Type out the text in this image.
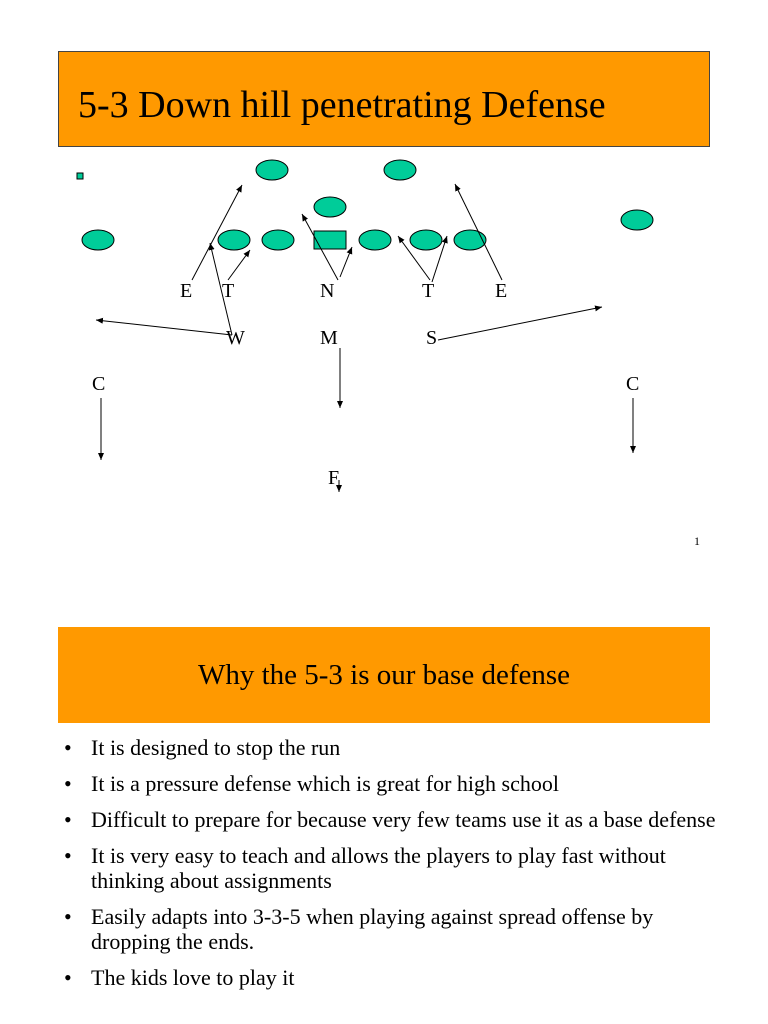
5-3 Down hill penetrating Defense
E T	N	T	E
W	M	S
C	C
F
1
Why the 5-3 is our base defense
• It is designed to stop the run
• It is a pressure defense which is great for high school
• Difficult to prepare for because very few teams use it as a base defense
• It is very easy to teach and allows the players to play fast without thinking about assignments
• Easily adapts into 3-3-5 when playing against spread offense by dropping the ends.
• The kids love to play it
